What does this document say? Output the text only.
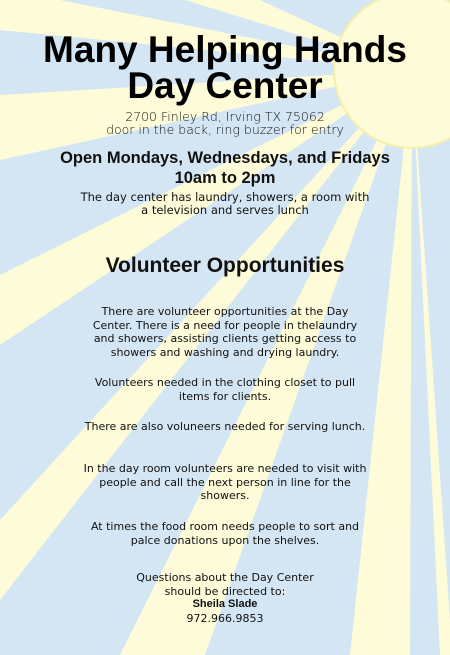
Many Helping Hands
Day Center
2700 Finley Rd, Irving TX 75062
door in the back, ring buzzer for entry
Open Mondays, Wednesdays, and Fridays
10am to 2pm
The day center has laundry, showers, a room with a television and serves lunch
Volunteer Opportunities
There are volunteer opportunities at the Day Center. There is a need for people in thelaundry and showers, assisting clients getting access to showers and washing and drying laundry.
Volunteers needed in the clothing closet to pull items for clients.
There are also voluneers needed for serving lunch.
In the day room volunteers are needed to visit with people and call the next person in line for the showers.
At times the food room needs people to sort and palce donations upon the shelves.
Questions about the Day Center
should be directed to:
Sheila Slade
972.966.9853
